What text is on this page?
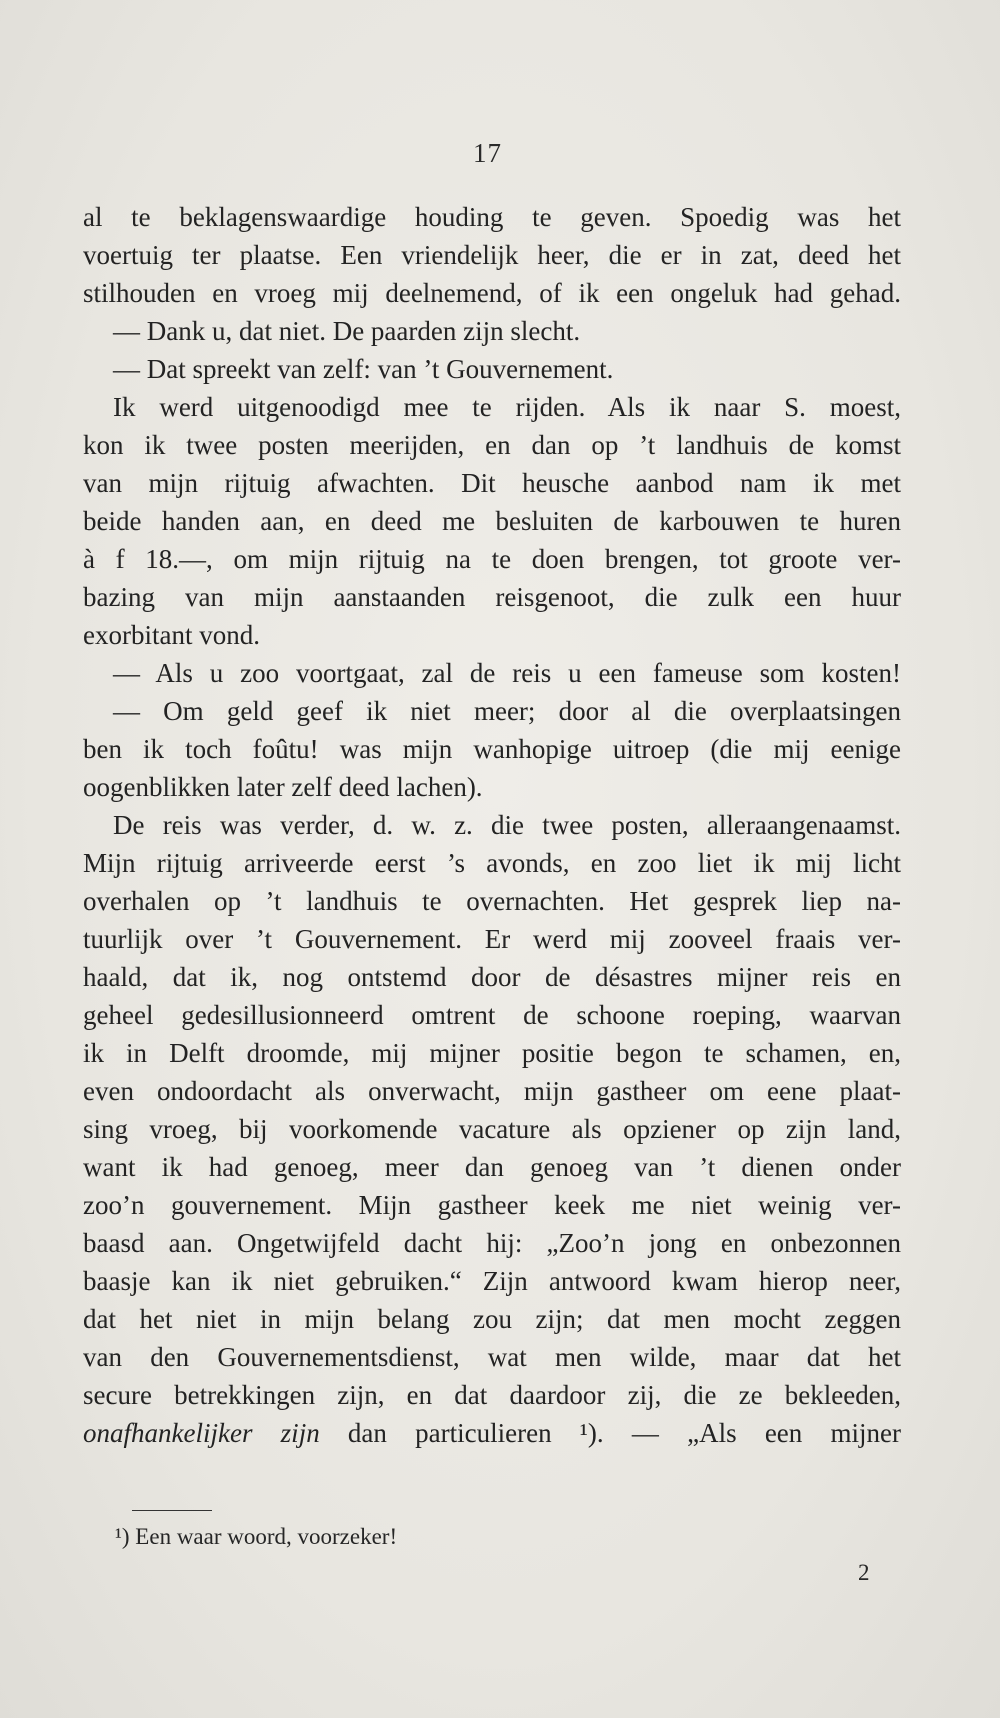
17
al te beklagenswaardige houding te geven. Spoedig was het
voertuig ter plaatse. Een vriendelijk heer, die er in zat, deed het
stilhouden en vroeg mij deelnemend, of ik een ongeluk had gehad.
— Dank u, dat niet. De paarden zijn slecht.
— Dat spreekt van zelf: van ’t Gouvernement.
Ik werd uitgenoodigd mee te rijden. Als ik naar S. moest,
kon ik twee posten meerijden, en dan op ’t landhuis de komst
van mijn rijtuig afwachten. Dit heusche aanbod nam ik met
beide handen aan, en deed me besluiten de karbouwen te huren
à f 18.—, om mijn rijtuig na te doen brengen, tot groote ver-
bazing van mijn aanstaanden reisgenoot, die zulk een huur
exorbitant vond.
— Als u zoo voortgaat, zal de reis u een fameuse som kosten!
— Om geld geef ik niet meer; door al die overplaatsingen
ben ik toch foûtu! was mijn wanhopige uitroep (die mij eenige
oogenblikken later zelf deed lachen).
De reis was verder, d. w. z. die twee posten, alleraangenaamst.
Mijn rijtuig arriveerde eerst ’s avonds, en zoo liet ik mij licht
overhalen op ’t landhuis te overnachten. Het gesprek liep na-
tuurlijk over ’t Gouvernement. Er werd mij zooveel fraais ver-
haald, dat ik, nog ontstemd door de désastres mijner reis en
geheel gedesillusionneerd omtrent de schoone roeping, waarvan
ik in Delft droomde, mij mijner positie begon te schamen, en,
even ondoordacht als onverwacht, mijn gastheer om eene plaat-
sing vroeg, bij voorkomende vacature als opziener op zijn land,
want ik had genoeg, meer dan genoeg van ’t dienen onder
zoo’n gouvernement. Mijn gastheer keek me niet weinig ver-
baasd aan. Ongetwijfeld dacht hij: „Zoo’n jong en onbezonnen
baasje kan ik niet gebruiken.“ Zijn antwoord kwam hierop neer,
dat het niet in mijn belang zou zijn; dat men mocht zeggen
van den Gouvernementsdienst, wat men wilde, maar dat het
secure betrekkingen zijn, en dat daardoor zij, die ze bekleeden,
onafhankelijker zijn dan particulieren ¹). — „Als een mijner
¹) Een waar woord, voorzeker!
2
